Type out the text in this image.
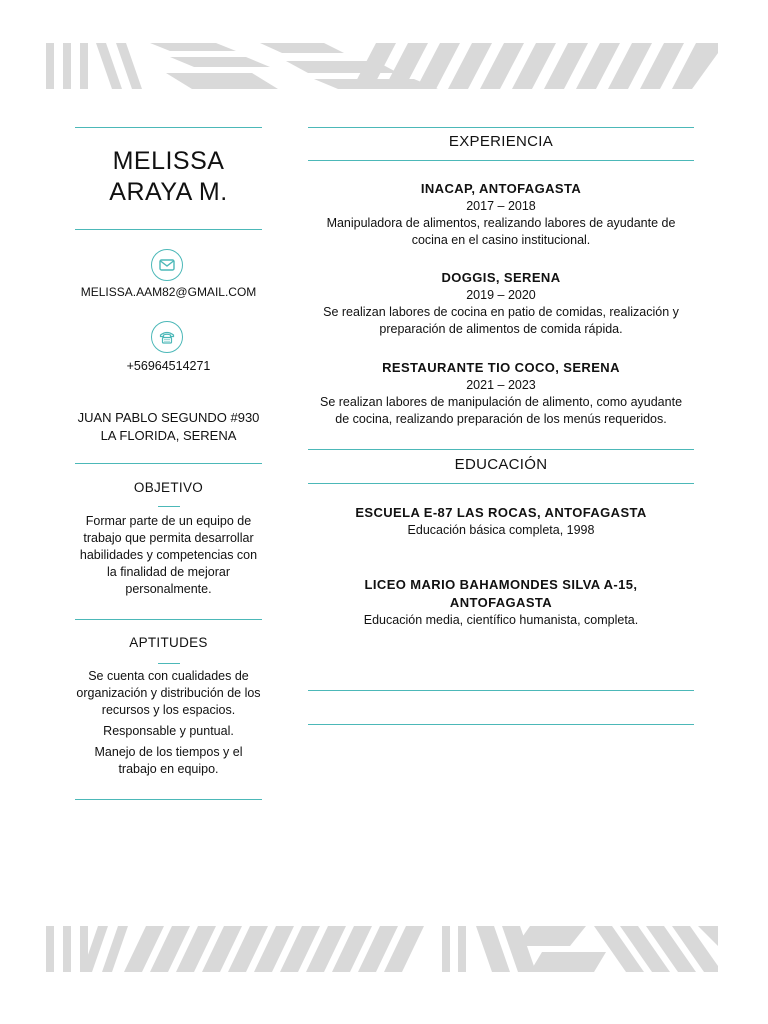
MELISSA
ARAYA M.
MELISSA.AAM82@GMAIL.COM
+56964514271
JUAN PABLO SEGUNDO #930
LA FLORIDA, SERENA
OBJETIVO
Formar parte de un equipo de trabajo que permita desarrollar habilidades y competencias con la finalidad de mejorar personalmente.
APTITUDES

Se cuenta con cualidades de organización y distribución de los recursos y los espacios.

Responsable y puntual.

Manejo de los tiempos y el trabajo en equipo.

EXPERIENCIA
INACAP, ANTOFAGASTA
2017 – 2018
Manipuladora de alimentos, realizando labores de ayudante de cocina en el casino institucional.
DOGGIS, SERENA
2019 – 2020
Se realizan labores de cocina en patio de comidas, realización y preparación de alimentos de comida rápida.
RESTAURANTE TIO COCO, SERENA
2021 – 2023
Se realizan labores de manipulación de alimento, como ayudante de cocina, realizando preparación de los menús requeridos.
EDUCACIÓN
ESCUELA E-87 LAS ROCAS, ANTOFAGASTA
Educación básica completa, 1998
LICEO MARIO BAHAMONDES SILVA A-15,
ANTOFAGASTA
Educación media, científico humanista, completa.
